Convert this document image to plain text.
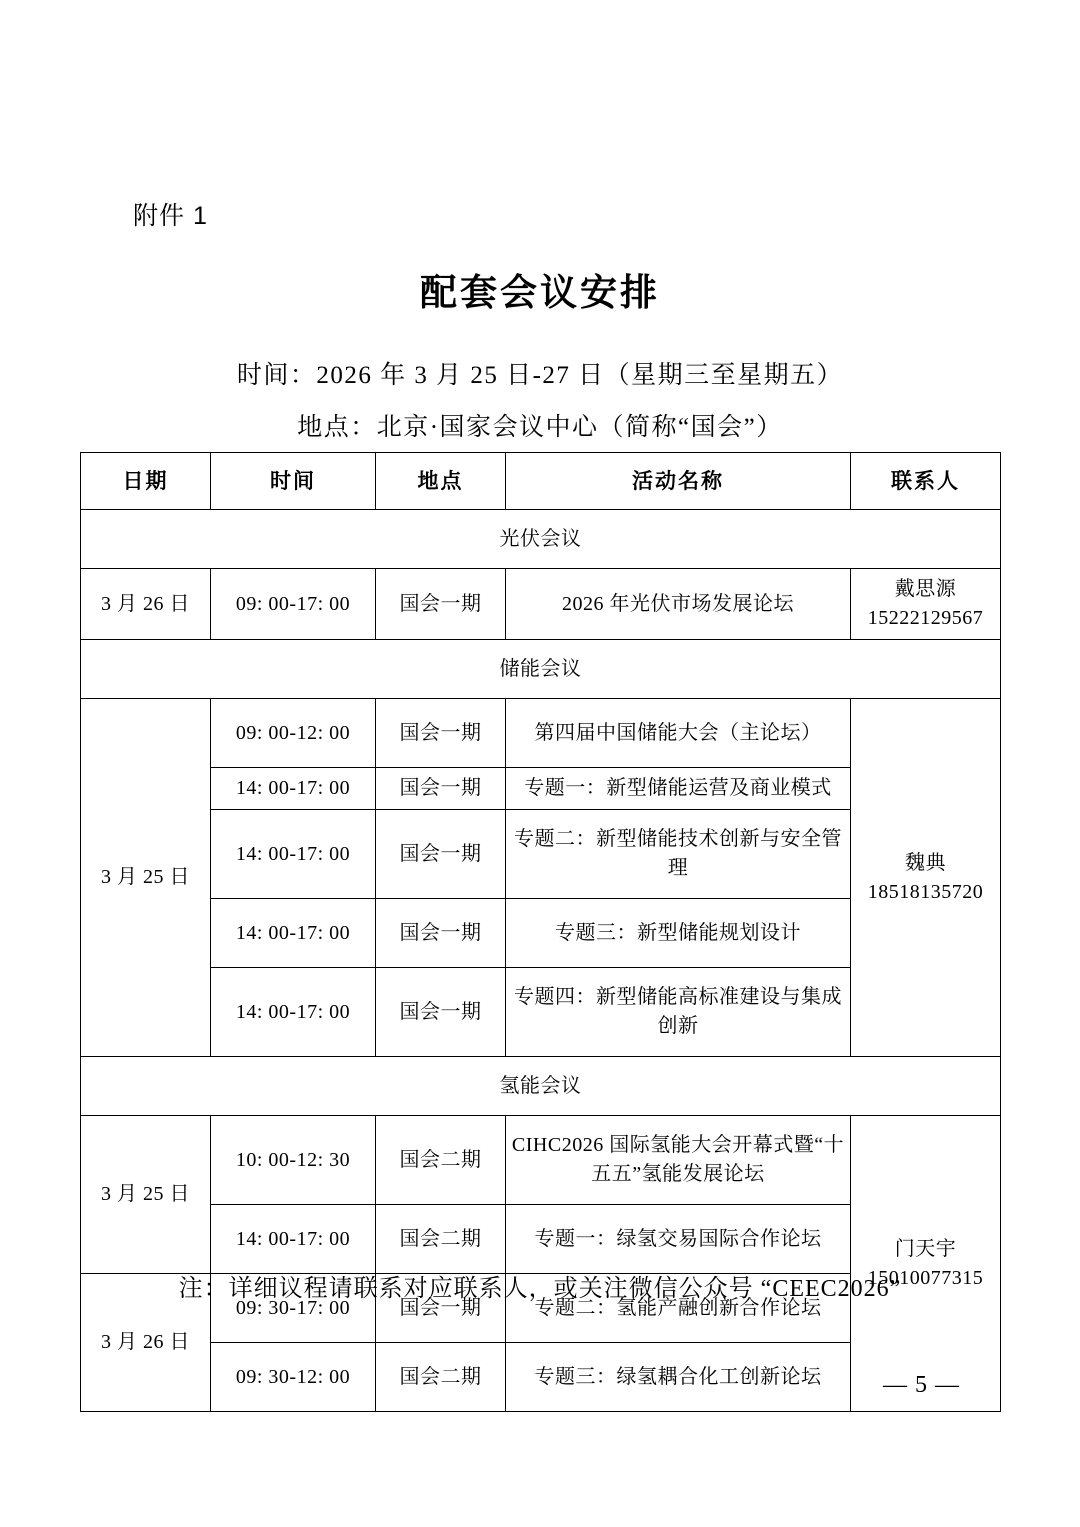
附件 1
配套会议安排
时间：2026 年 3 月 25 日-27 日（星期三至星期五）
地点：北京·国家会议中心（简称“国会”）
日期	时间	地点	活动名称	联系人
光伏会议				
3 月 26 日	09: 00-17: 00	国会一期	2026 年光伏市场发展论坛	戴思源
15222129567

储能会议				
3 月 25 日	09: 00-12: 00	国会一期	第四届中国储能大会（主论坛）	魏典
18518135720

	14: 00-17: 00	国会一期	专题一：新型储能运营及商业模式	
	14: 00-17: 00	国会一期	专题二：新型储能技术创新与安全管理	
	14: 00-17: 00	国会一期	专题三：新型储能规划设计	
	14: 00-17: 00	国会一期	专题四：新型储能高标准建设与集成创新	
氢能会议				
3 月 25 日	10: 00-12: 30	国会二期	CIHC2026 国际氢能大会开幕式暨“十五五”氢能发展论坛	门天宇
15010077315

	14: 00-17: 00	国会二期	专题一：绿氢交易国际合作论坛	
3 月 26 日	09: 30-17: 00	国会一期	专题二：氢能产融创新合作论坛	
	09: 30-12: 00	国会二期	专题三：绿氢耦合化工创新论坛	
注：详细议程请联系对应联系人，或关注微信公众号 “CEEC2026”
— 5 —
